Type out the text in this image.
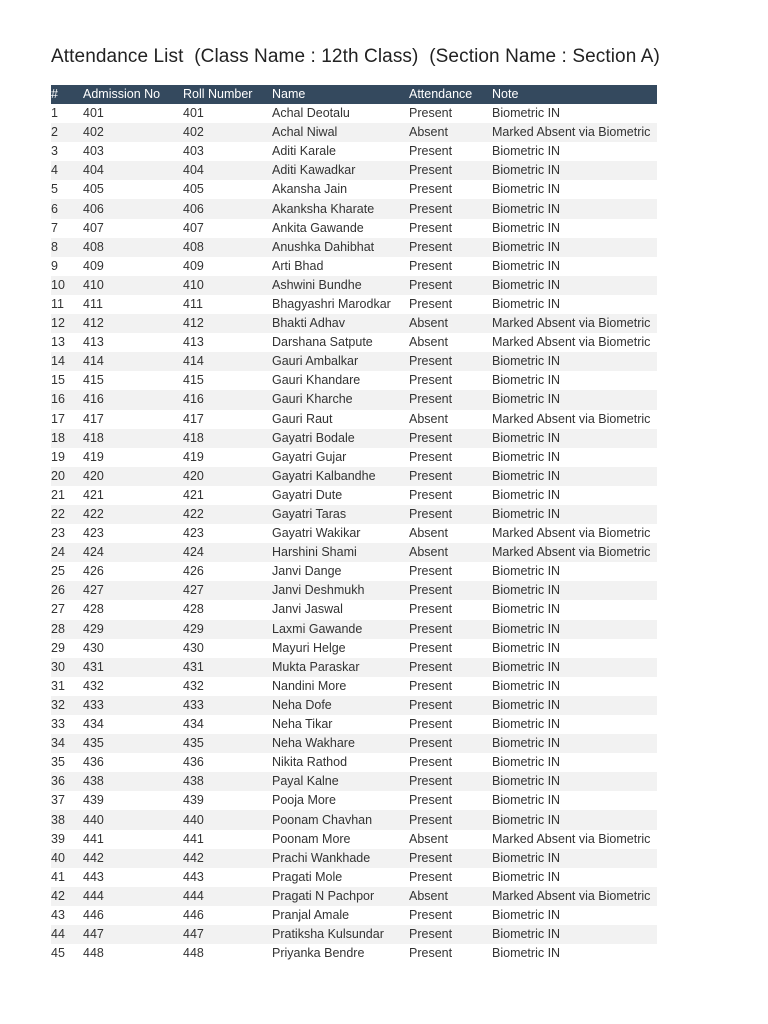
Attendance List  (Class Name : 12th Class)  (Section Name : Section A)
#	Admission No	Roll Number	Name	Attendance	Note
1	401	401	Achal Deotalu	Present	Biometric IN
2	402	402	Achal Niwal	Absent	Marked Absent via Biometric
3	403	403	Aditi Karale	Present	Biometric IN
4	404	404	Aditi Kawadkar	Present	Biometric IN
5	405	405	Akansha Jain	Present	Biometric IN
6	406	406	Akanksha Kharate	Present	Biometric IN
7	407	407	Ankita Gawande	Present	Biometric IN
8	408	408	Anushka Dahibhat	Present	Biometric IN
9	409	409	Arti Bhad	Present	Biometric IN
10	410	410	Ashwini Bundhe	Present	Biometric IN
11	411	411	Bhagyashri Marodkar	Present	Biometric IN
12	412	412	Bhakti Adhav	Absent	Marked Absent via Biometric
13	413	413	Darshana Satpute	Absent	Marked Absent via Biometric
14	414	414	Gauri Ambalkar	Present	Biometric IN
15	415	415	Gauri Khandare	Present	Biometric IN
16	416	416	Gauri Kharche	Present	Biometric IN
17	417	417	Gauri Raut	Absent	Marked Absent via Biometric
18	418	418	Gayatri Bodale	Present	Biometric IN
19	419	419	Gayatri Gujar	Present	Biometric IN
20	420	420	Gayatri Kalbandhe	Present	Biometric IN
21	421	421	Gayatri Dute	Present	Biometric IN
22	422	422	Gayatri Taras	Present	Biometric IN
23	423	423	Gayatri Wakikar	Absent	Marked Absent via Biometric
24	424	424	Harshini Shami	Absent	Marked Absent via Biometric
25	426	426	Janvi Dange	Present	Biometric IN
26	427	427	Janvi Deshmukh	Present	Biometric IN
27	428	428	Janvi Jaswal	Present	Biometric IN
28	429	429	Laxmi Gawande	Present	Biometric IN
29	430	430	Mayuri Helge	Present	Biometric IN
30	431	431	Mukta Paraskar	Present	Biometric IN
31	432	432	Nandini More	Present	Biometric IN
32	433	433	Neha Dofe	Present	Biometric IN
33	434	434	Neha Tikar	Present	Biometric IN
34	435	435	Neha Wakhare	Present	Biometric IN
35	436	436	Nikita Rathod	Present	Biometric IN
36	438	438	Payal Kalne	Present	Biometric IN
37	439	439	Pooja More	Present	Biometric IN
38	440	440	Poonam Chavhan	Present	Biometric IN
39	441	441	Poonam More	Absent	Marked Absent via Biometric
40	442	442	Prachi Wankhade	Present	Biometric IN
41	443	443	Pragati Mole	Present	Biometric IN
42	444	444	Pragati N Pachpor	Absent	Marked Absent via Biometric
43	446	446	Pranjal Amale	Present	Biometric IN
44	447	447	Pratiksha Kulsundar	Present	Biometric IN
45	448	448	Priyanka Bendre	Present	Biometric IN
